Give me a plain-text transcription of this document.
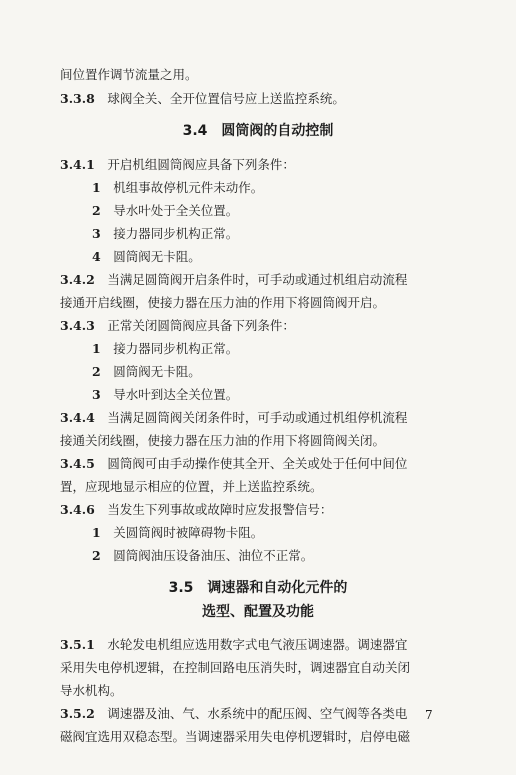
间位置作调节流量之用。
3.3.8　 球阀全关、全开位置信号应上送监控系统。
3.4　圆筒阀的自动控制
3.4.1　 开启机组圆筒阀应具备下列条件：
1　 机组事故停机元件未动作。
2　 导水叶处于全关位置。
3　 接力器同步机构正常。
4　 圆筒阀无卡阻。
3.4.2　 当满足圆筒阀开启条件时，可手动或通过机组启动流程
接通开启线圈，使接力器在压力油的作用下将圆筒阀开启。
3.4.3　 正常关闭圆筒阀应具备下列条件：
1　 接力器同步机构正常。
2　 圆筒阀无卡阻。
3　 导水叶到达全关位置。
3.4.4　 当满足圆筒阀关闭条件时，可手动或通过机组停机流程
接通关闭线圈，使接力器在压力油的作用下将圆筒阀关闭。
3.4.5　 圆筒阀可由手动操作使其全开、全关或处于任何中间位
置，应现地显示相应的位置，并上送监控系统。
3.4.6　 当发生下列事故或故障时应发报警信号：
1　 关圆筒阀时被障碍物卡阻。
2　 圆筒阀油压设备油压、油位不正常。
3.5　调速器和自动化元件的
选型、配置及功能
3.5.1　 水轮发电机组应选用数字式电气液压调速器。调速器宜
采用失电停机逻辑，在控制回路电压消失时，调速器宜自动关闭
导水机构。
3.5.2　 调速器及油、气、水系统中的配压阀、空气阀等各类电
磁阀宜选用双稳态型。当调速器采用失电停机逻辑时，启停电磁
7
